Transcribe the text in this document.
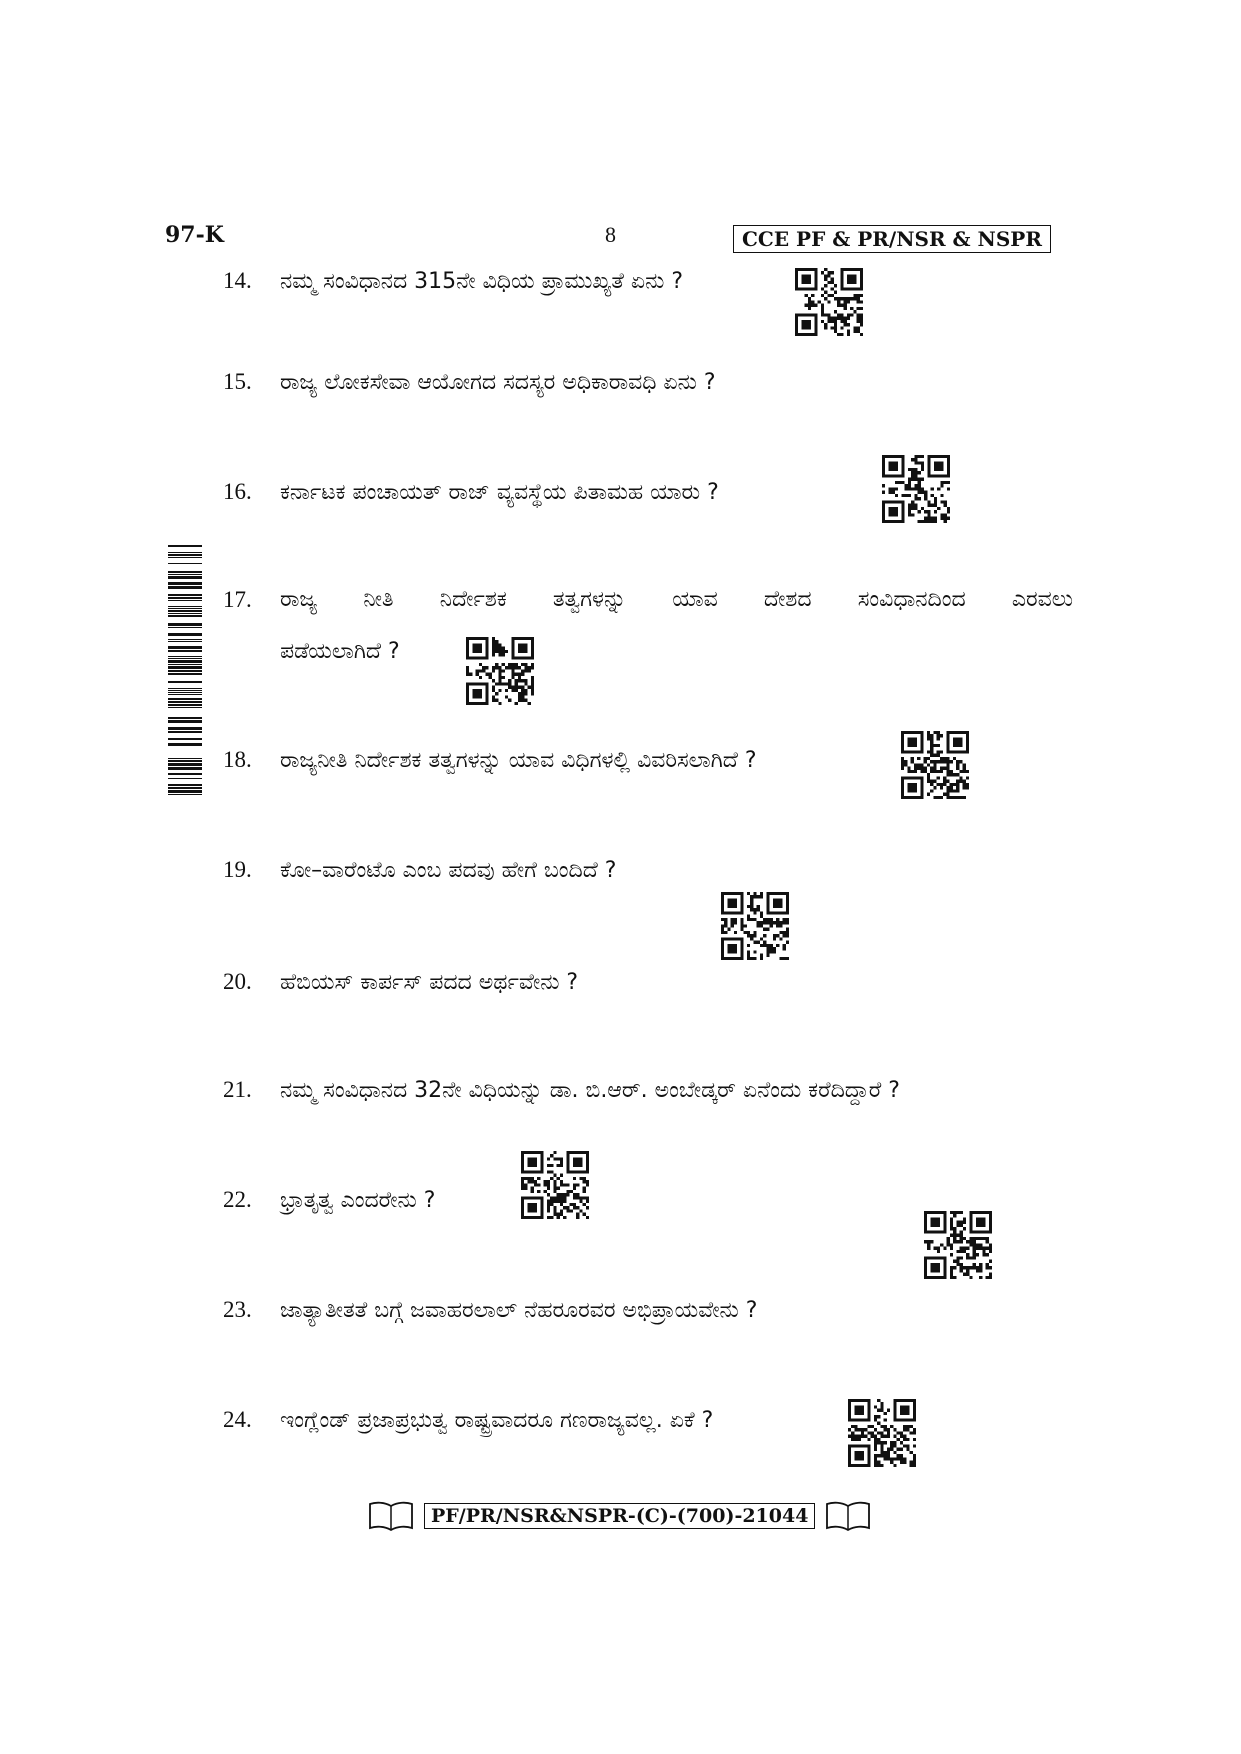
97-K	8	CCE PF & PR/NSR & NSPR
14. ನಮ್ಮ ಸಂವಿಧಾನದ 315ನೇ ವಿಧಿಯ ಪ್ರಾಮುಖ್ಯತೆ ಏನು ?
15. ರಾಜ್ಯ ಲೋಕಸೇವಾ ಆಯೋಗದ ಸದಸ್ಯರ ಅಧಿಕಾರಾವಧಿ ಏನು ?
16. ಕರ್ನಾಟಕ ಪಂಚಾಯತ್ ರಾಜ್ ವ್ಯವಸ್ಥೆಯ ಪಿತಾಮಹ ಯಾರು ?
17.	ರಾಜ್ಯ ನೀತಿ ನಿರ್ದೇಶಕ ತತ್ವಗಳನ್ನು ಯಾವ ದೇಶದ ಸಂವಿಧಾನದಿಂದ ಎರವಲು
ಪಡೆಯಲಾಗಿದೆ ?
18. ರಾಜ್ಯನೀತಿ ನಿರ್ದೇಶಕ ತತ್ವಗಳನ್ನು ಯಾವ ವಿಧಿಗಳಲ್ಲಿ ವಿವರಿಸಲಾಗಿದೆ ?
19. ಕೋ–ವಾರೆಂಟೊ ಎಂಬ ಪದವು ಹೇಗೆ ಬಂದಿದೆ ?
20. ಹೆಬಿಯಸ್ ಕಾರ್ಪಸ್ ಪದದ ಅರ್ಥವೇನು ?
21. ನಮ್ಮ ಸಂವಿಧಾನದ 32ನೇ ವಿಧಿಯನ್ನು ಡಾ. ಬಿ.ಆರ್. ಅಂಬೇಡ್ಕರ್ ಏನೆಂದು ಕರೆದಿದ್ದಾರೆ ?
22. ಭ್ರಾತೃತ್ವ ಎಂದರೇನು ?
23. ಜಾತ್ಯಾತೀತತೆ ಬಗ್ಗೆ ಜವಾಹರಲಾಲ್ ನೆಹರೂರವರ ಅಭಿಪ್ರಾಯವೇನು ?
24. ಇಂಗ್ಲೆಂಡ್ ಪ್ರಜಾಪ್ರಭುತ್ವ ರಾಷ್ಟ್ರವಾದರೂ ಗಣರಾಜ್ಯವಲ್ಲ. ಏಕೆ ?
PF/PR/NSR&NSPR-(C)-(700)-21044
